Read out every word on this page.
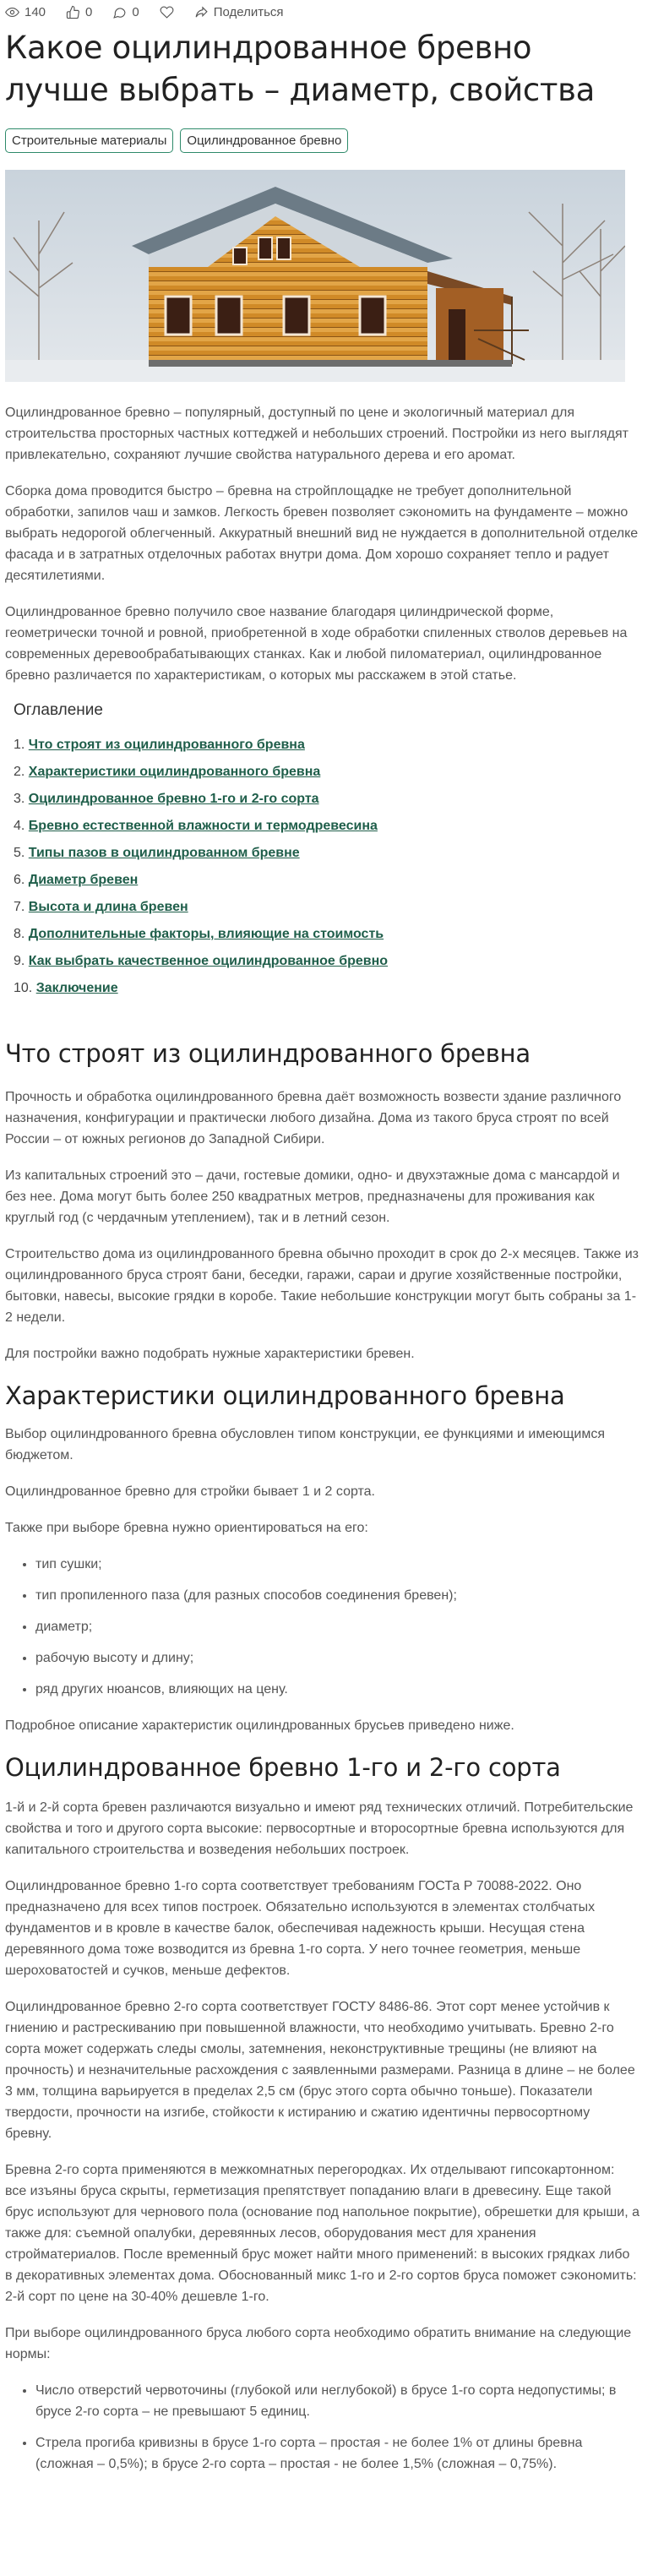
140	0	0	Поделиться
Какое оцилиндрованное бревно лучше выбрать – диаметр, свойства
Строительные материалы	Оцилиндрованное бревно

Оцилиндрованное бревно – популярный, доступный по цене и экологичный материал для строительства просторных частных коттеджей и небольших строений. Постройки из него выглядят привлекательно, сохраняют лучшие свойства натурального дерева и его аромат.

Сборка дома проводится быстро – бревна на стройплощадке не требует дополнительной обработки, запилов чаш и замков. Легкость бревен позволяет сэкономить на фундаменте – можно выбрать недорогой облегченный. Аккуратный внешний вид не нуждается в дополнительной отделке фасада и в затратных отделочных работах внутри дома. Дом хорошо сохраняет тепло и радует десятилетиями.

Оцилиндрованное бревно получило свое название благодаря цилиндрической форме, геометрически точной и ровной, приобретенной в ходе обработки спиленных стволов деревьев на современных деревообрабатывающих станках. Как и любой пиломатериал, оцилиндрованное бревно различается по характеристикам, о которых мы расскажем в этой статье.

Оглавление
1. Что строят из оцилиндрованного бревна
2. Характеристики оцилиндрованного бревна
3. Оцилиндрованное бревно 1-го и 2-го сорта
4. Бревно естественной влажности и термодревесина
5. Типы пазов в оцилиндрованном бревне
6. Диаметр бревен
7. Высота и длина бревен
8. Дополнительные факторы, влияющие на стоимость
9. Как выбрать качественное оцилиндрованное бревно
10. Заключение
Что строят из оцилиндрованного бревна

Прочность и обработка оцилиндрованного бревна даёт возможность возвести здание различного назначения, конфигурации и практически любого дизайна. Дома из такого бруса строят по всей России – от южных регионов до Западной Сибири.

Из капитальных строений это – дачи, гостевые домики, одно- и двухэтажные дома с мансардой и без нее. Дома могут быть более 250 квадратных метров, предназначены для проживания как круглый год (с чердачным утеплением), так и в летний сезон.

Строительство дома из оцилиндрованного бревна обычно проходит в срок до 2-х месяцев. Также из оцилиндрованного бруса строят бани, беседки, гаражи, сараи и другие хозяйственные постройки, бытовки, навесы, высокие грядки в коробе. Такие небольшие конструкции могут быть собраны за 1-2 недели.

Для постройки важно подобрать нужные характеристики бревен.

Характеристики оцилиндрованного бревна

Выбор оцилиндрованного бревна обусловлен типом конструкции, ее функциями и имеющимся бюджетом.

Оцилиндрованное бревно для стройки бывает 1 и 2 сорта.

Также при выборе бревна нужно ориентироваться на его:

• тип сушки;
• тип пропиленного паза (для разных способов соединения бревен);
• диаметр;
• рабочую высоту и длину;
• ряд других нюансов, влияющих на цену.

Подробное описание характеристик оцилиндрованных брусьев приведено ниже.

Оцилиндрованное бревно 1-го и 2-го сорта

1-й и 2-й сорта бревен различаются визуально и имеют ряд технических отличий. Потребительские свойства и того и другого сорта высокие: первосортные и второсортные бревна используются для капитального строительства и возведения небольших построек.

Оцилиндрованное бревно 1-го сорта соответствует требованиям ГОСТа Р 70088-2022. Оно предназначено для всех типов построек. Обязательно используются в элементах столбчатых фундаментов и в кровле в качестве балок, обеспечивая надежность крыши. Несущая стена деревянного дома тоже возводится из бревна 1-го сорта. У него точнее геометрия, меньше шероховатостей и сучков, меньше дефектов.

Оцилиндрованное бревно 2-го сорта соответствует ГОСТУ 8486-86. Этот сорт менее устойчив к гниению и растрескиванию при повышенной влажности, что необходимо учитывать. Бревно 2-го сорта может содержать следы смолы, затемнения, неконструктивные трещины (не влияют на прочность) и незначительные расхождения с заявленными размерами. Разница в длине – не более 3 мм, толщина варьируется в пределах 2,5 см (брус этого сорта обычно тоньше). Показатели твердости, прочности на изгибе, стойкости к истиранию и сжатию идентичны первосортному бревну.

Бревна 2-го сорта применяются в межкомнатных перегородках. Их отделывают гипсокартонном: все изъяны бруса скрыты, герметизация препятствует попаданию влаги в древесину. Еще такой брус используют для чернового пола (основание под напольное покрытие), обрешетки для крыши, а также для: съемной опалубки, деревянных лесов, оборудования мест для хранения стройматериалов. После временный брус может найти много применений: в высоких грядках либо в декоративных элементах дома. Обоснованный микс 1-го и 2-го сортов бруса поможет сэкономить: 2-й сорт по цене на 30-40% дешевле 1-го.

При выборе оцилиндрованного бруса любого сорта необходимо обратить внимание на следующие нормы:

• Число отверстий червоточины (глубокой или неглубокой) в брусе 1-го сорта недопустимы; в брусе 2-го сорта – не превышают 5 единиц.
• Стрела прогиба кривизны в брусе 1-го сорта – простая - не более 1% от длины бревна (сложная – 0,5%); в брусе 2-го сорта – простая - не более 1,5% (сложная – 0,75%).
